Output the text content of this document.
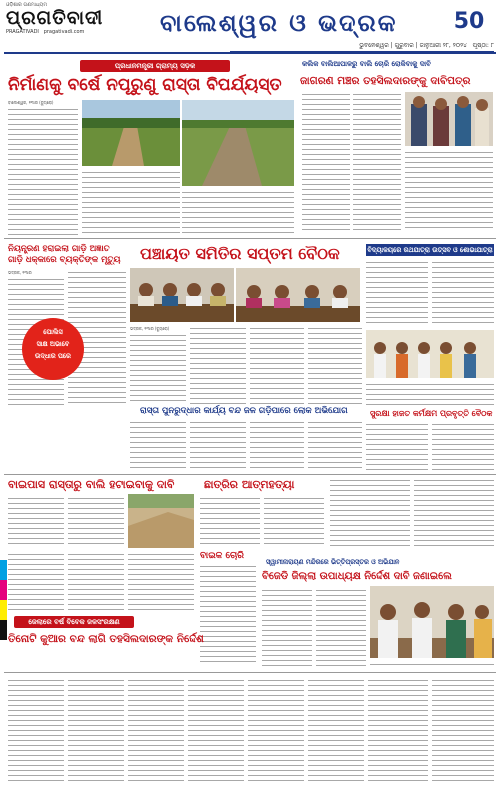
ପ୍ରଗତିବାଦୀ
PRAGATIVADI pragativadi.com
ଓଡ଼ିଶାର ଗଣମାଧ୍ୟମ
ବାଲେଶ୍ୱର ଓ ଭଦ୍ରକ	50
ଭୁବନେଶ୍ୱର | ଗୁରୁବାର | ଜାନୁଆରୀ ୨୮, ୨୦୨୪ ପୃଷ୍ଠା: ୮
ପ୍ରଧାନମନ୍ତ୍ରୀ ଗ୍ରାମ୍ୟ ସଡ଼କ
ନିର୍ମାଣକୁ ବର୍ଷେ ନପୂରୁଣୁ ରାସ୍ତା ବିପର୍ଯ୍ୟସ୍ତ
ବାଲେଶ୍ୱର, ୧୩ାର (ବ୍ୟୁରୋ)
କଲିକ ବାଲିଆପାଳରୁ ବାଲି ଚୋରି ରୋକିବାକୁ ଦାବି
ଜାଗରଣ ମଞ୍ଚର ତହସିଲଦାରଙ୍କୁ ଦାବିପତ୍ର
ନିୟନ୍ତ୍ରଣ ହରାଇଲା ଗାଡ଼ି ଅଜ୍ଞାତ ଗାଡ଼ି ଧକ୍କାରେ ବ୍ୟକ୍ତିଙ୍କ ମୃତ୍ୟୁ
ଭଦ୍ରକ, ୧୩ାର
ପୋଲିସ
ସାକ୍ଷ ଅଭାବେ
ଉଦ୍ଧାର ପରେ
ପଞ୍ଚାୟତ ସମିତିର ସପ୍ତମ ବୈଠକ
ଭଦ୍ରକ, ୧୩ାର (ବ୍ୟୁରୋ)
ବିଦ୍ୟାଳୟରେ ରଥଯାତ୍ରା ଉତ୍ସବ ଓ ଶୋଭାଯାତ୍ରା
ରାସ୍ତା ପୁନରୁଦ୍ଧାର କାର୍ଯ୍ୟ ବନ୍ଦ ଜଳ ଗଡ଼ିପାରେ ଲୋକ ଅଭିଯୋଗ	ସୁରକ୍ଷା ହାଜତ କର୍ମକ୍ଷମ ପ୍ରବୃତ୍ତି ବୈଠକ
ବାଇପାସ ରାସ୍ତାରୁ ବାଲି ହଟାଇବାକୁ ଦାବି	ଛାତ୍ରିର ଆତ୍ମହତ୍ୟା
ବାଇକ ଚୋରି
ସ୍ୱାମୀନାରାୟଣ ମନ୍ଦିରରେ ଭିତ୍ତିପ୍ରସ୍ତର ଓ ଅଭିଯାନ
ବିଜେଡି ଜିଲ୍ଲା ଉପାଧ୍ୟକ୍ଷ ନିର୍ଦ୍ଦେଶ ଦାବି ଜଣାଇଲେ
ଜେଲାରେ ବର୍ଷ ବିବେକ ଜଳସଂରକ୍ଷଣ
ତିନୋଟି କୁଆର ବନ୍ଦ ଲାଗି ତହସିଲଦାରଙ୍କ ନିର୍ଦ୍ଦେଶ
